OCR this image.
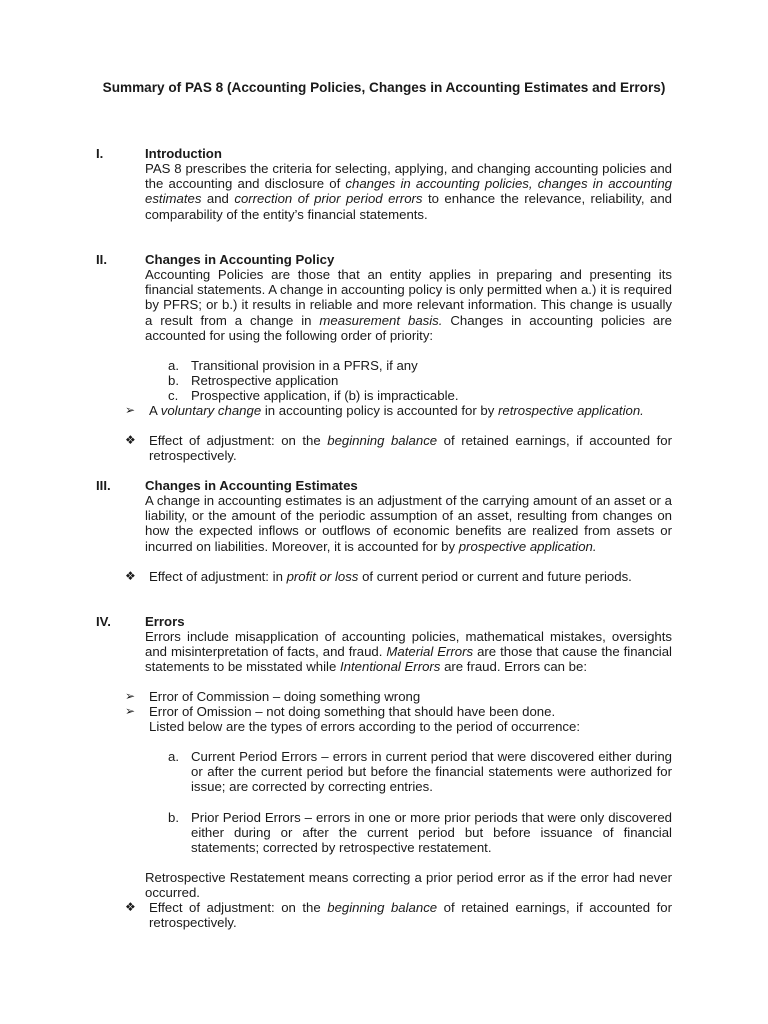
Summary of PAS 8 (Accounting Policies, Changes in Accounting Estimates and Errors)
I.	Introduction
PAS 8 prescribes the criteria for selecting, applying, and changing accounting policies and the accounting and disclosure of changes in accounting policies, changes in accounting estimates and correction of prior period errors to enhance the relevance, reliability, and comparability of the entity’s financial statements.
II.	Changes in Accounting Policy
Accounting Policies are those that an entity applies in preparing and presenting its financial statements. A change in accounting policy is only permitted when a.) it is required by PFRS; or b.) it results in reliable and more relevant information. This change is usually a result from a change in measurement basis. Changes in accounting policies are accounted for using the following order of priority:
a. Transitional provision in a PFRS, if any
b. Retrospective application
c. Prospective application, if (b) is impracticable.
➢ A voluntary change in accounting policy is accounted for by retrospective application.
❖ Effect of adjustment: on the beginning balance of retained earnings, if accounted for retrospectively.
III.	Changes in Accounting Estimates
A change in accounting estimates is an adjustment of the carrying amount of an asset or a liability, or the amount of the periodic assumption of an asset, resulting from changes on how the expected inflows or outflows of economic benefits are realized from assets or incurred on liabilities. Moreover, it is accounted for by prospective application.
❖ Effect of adjustment: in profit or loss of current period or current and future periods.
IV.	Errors
Errors include misapplication of accounting policies, mathematical mistakes, oversights and misinterpretation of facts, and fraud. Material Errors are those that cause the financial statements to be misstated while Intentional Errors are fraud. Errors can be:
➢ Error of Commission – doing something wrong
➢ Error of Omission – not doing something that should have been done.
Listed below are the types of errors according to the period of occurrence:
a. Current Period Errors – errors in current period that were discovered either during or after the current period but before the financial statements were authorized for issue; are corrected by correcting entries.
b. Prior Period Errors – errors in one or more prior periods that were only discovered either during or after the current period but before issuance of financial statements; corrected by retrospective restatement.
Retrospective Restatement means correcting a prior period error as if the error had never occurred.
❖ Effect of adjustment: on the beginning balance of retained earnings, if accounted for retrospectively.
